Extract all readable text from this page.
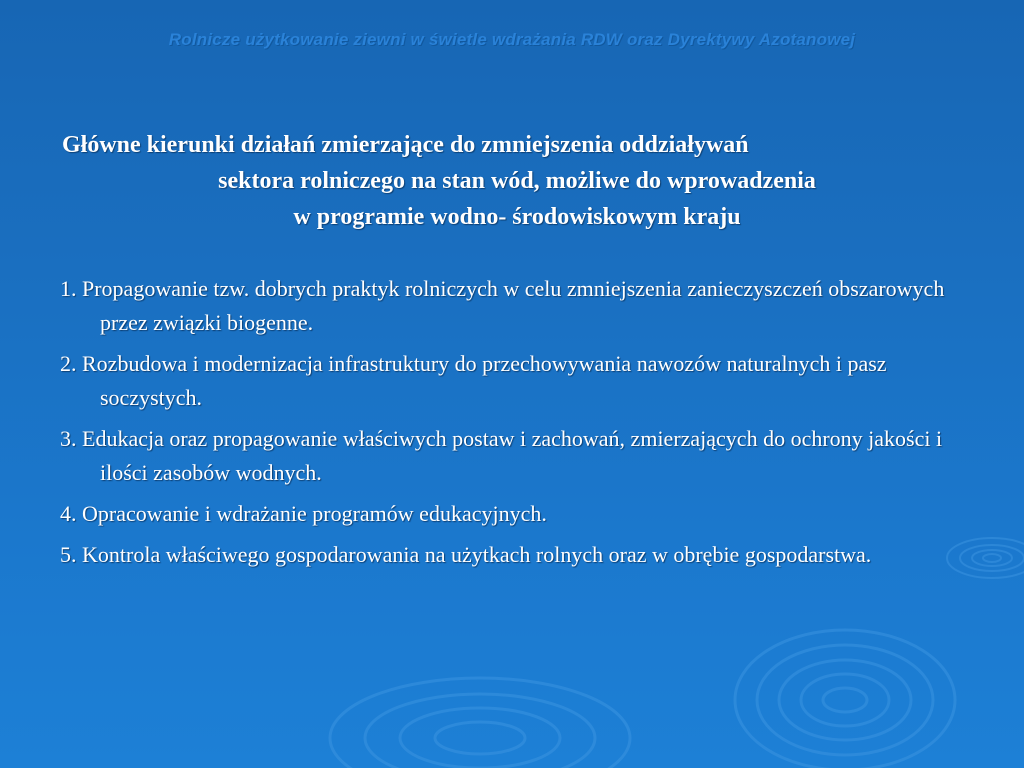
Rolnicze użytkowanie ziewni w świetle wdrażania RDW oraz Dyrektywy Azotanowej
Główne kierunki działań zmierzające do zmniejszenia oddziaływań
sektora rolniczego na stan wód, możliwe do wprowadzenia
w programie wodno- środowiskowym kraju
1. Propagowanie tzw. dobrych praktyk rolniczych w celu zmniejszenia zanieczyszczeń obszarowych przez związki biogenne.
2. Rozbudowa i modernizacja infrastruktury do przechowywania nawozów naturalnych i pasz soczystych.
3. Edukacja oraz propagowanie właściwych postaw i zachowań, zmierzających do ochrony jakości i ilości zasobów wodnych.
4. Opracowanie i wdrażanie programów edukacyjnych.
5. Kontrola właściwego gospodarowania na użytkach rolnych oraz w obrębie gospodarstwa.
